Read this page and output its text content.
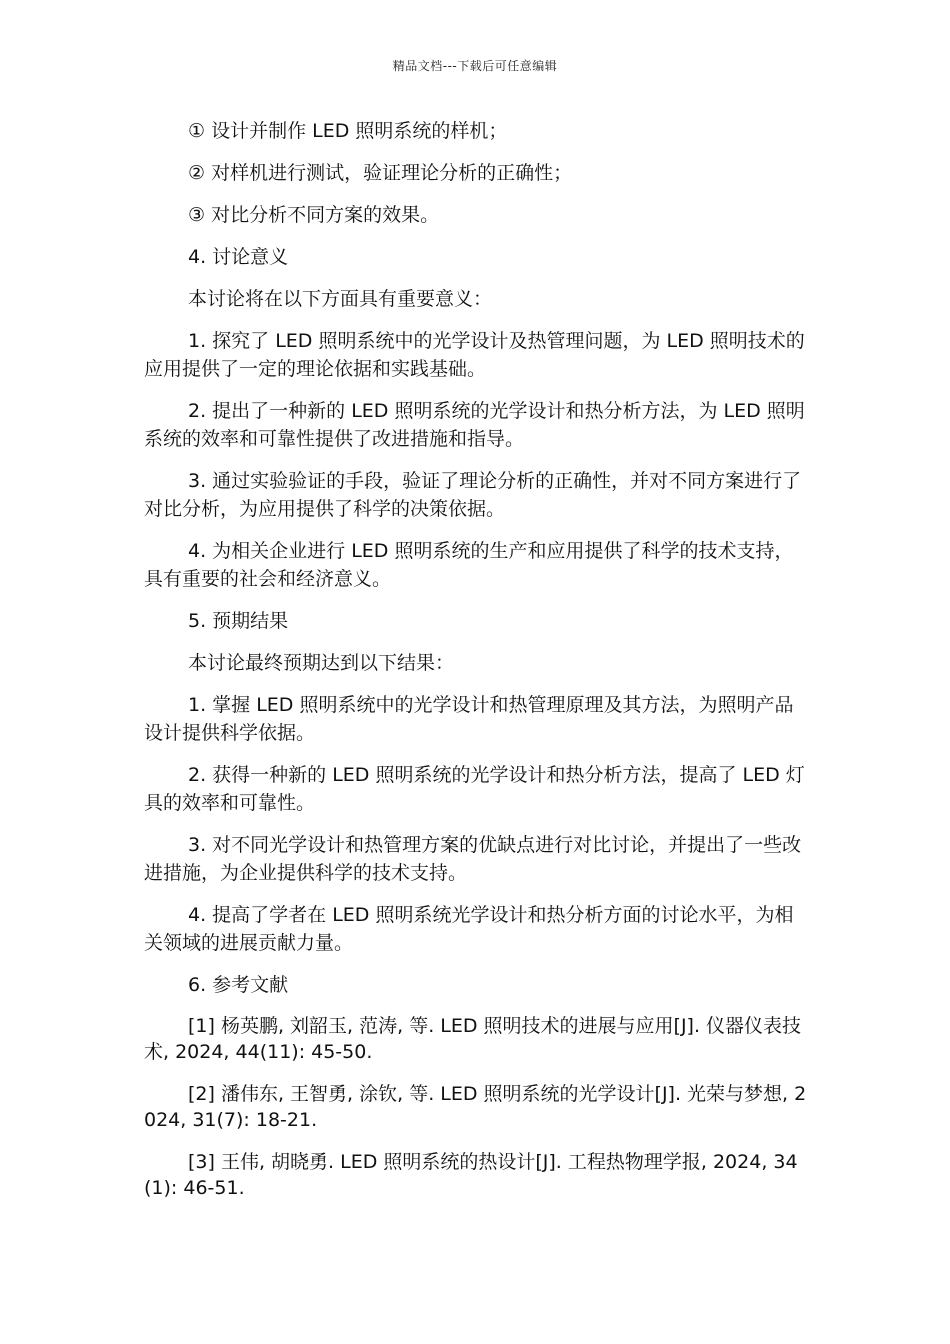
精品文档---下载后可任意编辑

① 设计并制作 LED 照明系统的样机；

② 对样机进行测试，验证理论分析的正确性；

③ 对比分析不同方案的效果。

4. 讨论意义

本讨论将在以下方面具有重要意义：

1. 探究了 LED 照明系统中的光学设计及热管理问题，为 LED 照明技术的应用提供了一定的理论依据和实践基础。

2. 提出了一种新的 LED 照明系统的光学设计和热分析方法，为 LED 照明系统的效率和可靠性提供了改进措施和指导。

3. 通过实验验证的手段，验证了理论分析的正确性，并对不同方案进行了对比分析，为应用提供了科学的决策依据。

4. 为相关企业进行 LED 照明系统的生产和应用提供了科学的技术支持，具有重要的社会和经济意义。

5. 预期结果

本讨论最终预期达到以下结果：

1. 掌握 LED 照明系统中的光学设计和热管理原理及其方法，为照明产品设计提供科学依据。

2. 获得一种新的 LED 照明系统的光学设计和热分析方法，提高了 LED 灯具的效率和可靠性。

3. 对不同光学设计和热管理方案的优缺点进行对比讨论，并提出了一些改进措施，为企业提供科学的技术支持。

4. 提高了学者在 LED 照明系统光学设计和热分析方面的讨论水平，为相关领域的进展贡献力量。

6. 参考文献

[1] 杨英鹏, 刘韶玉, 范涛, 等. LED 照明技术的进展与应用[J]. 仪器仪表技术, 2024, 44(11): 45-50.

[2] 潘伟东, 王智勇, 涂钦, 等. LED 照明系统的光学设计[J]. 光荣与梦想, 2024, 31(7): 18-21.

[3] 王伟, 胡晓勇. LED 照明系统的热设计[J]. 工程热物理学报, 2024, 34(1): 46-51.
